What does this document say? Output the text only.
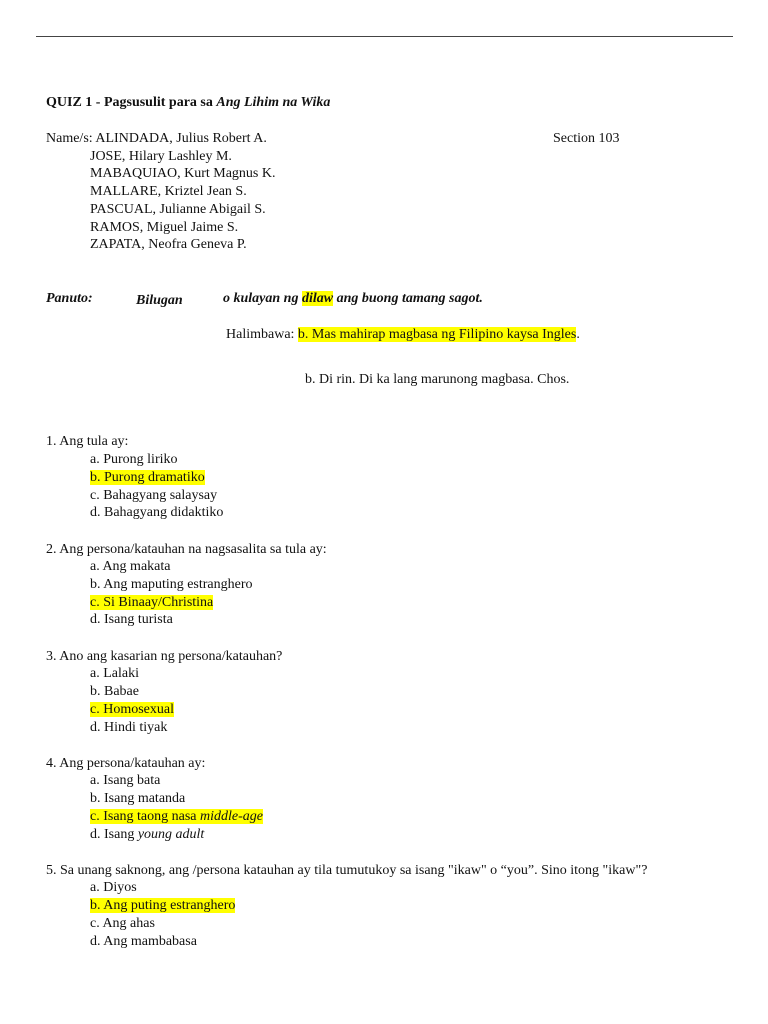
QUIZ 1 - Pagsusulit para sa Ang Lihim na Wika
Name/s: ALINDADA, Julius Robert A.
JOSE, Hilary Lashley M.
MABAQUIAO, Kurt Magnus K.
MALLARE, Kriztel Jean S.
PASCUAL, Julianne Abigail S.
RAMOS, Miguel Jaime S.
ZAPATA, Neofra Geneva P.
Section 103
Panuto:	Bilugan	o kulayan ng dilaw ang buong tamang sagot.
Halimbawa: b. Mas mahirap magbasa ng Filipino kaysa Ingles.
b. Di rin. Di ka lang marunong magbasa. Chos.
1. Ang tula ay:
a. Purong liriko
b. Purong dramatiko
c. Bahagyang salaysay
d. Bahagyang didaktiko
2. Ang persona/katauhan na nagsasalita sa tula ay:
a. Ang makata
b. Ang maputing estranghero
c. Si Binaay/Christina
d. Isang turista
3. Ano ang kasarian ng persona/katauhan?
a. Lalaki
b. Babae
c. Homosexual
d. Hindi tiyak
4. Ang persona/katauhan ay:
a. Isang bata
b. Isang matanda
c. Isang taong nasa middle-age
d. Isang young adult
5. Sa unang saknong, ang /persona katauhan ay tila tumutukoy sa isang "ikaw" o “you”. Sino itong "ikaw"?
a. Diyos
b. Ang puting estranghero
c. Ang ahas
d. Ang mambabasa
